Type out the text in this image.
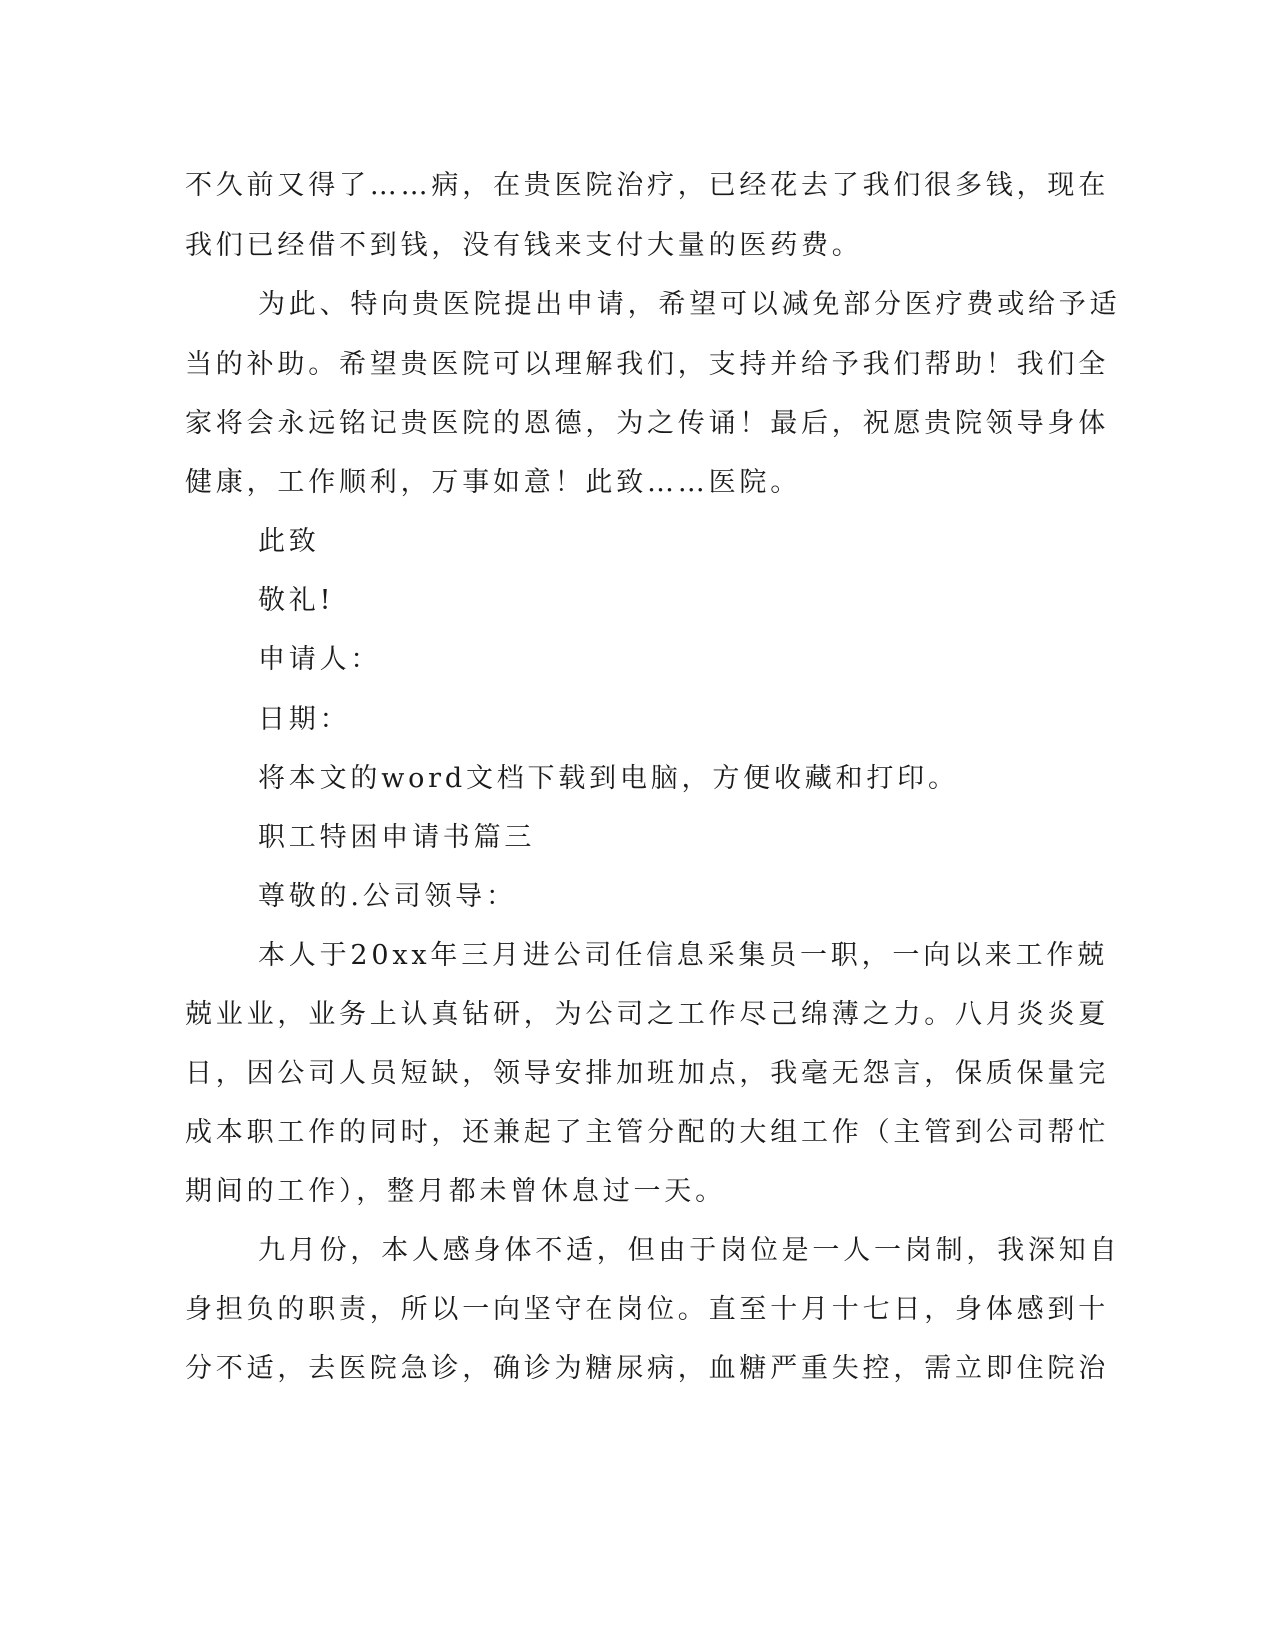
不久前又得了……病，在贵医院治疗，已经花去了我们很多钱，现在

我们已经借不到钱，没有钱来支付大量的医药费。

为此、特向贵医院提出申请，希望可以减免部分医疗费或给予适

当的补助。希望贵医院可以理解我们，支持并给予我们帮助！我们全

家将会永远铭记贵医院的恩德，为之传诵！最后，祝愿贵院领导身体

健康，工作顺利，万事如意！此致……医院。

此致

敬礼!

申请人：

日期：

将本文的word文档下载到电脑，方便收藏和打印。

职工特困申请书篇三

尊敬的.公司领导：

本人于20xx年三月进公司任信息采集员一职，一向以来工作兢

兢业业，业务上认真钻研，为公司之工作尽己绵薄之力。八月炎炎夏

日，因公司人员短缺，领导安排加班加点，我毫无怨言，保质保量完

成本职工作的同时，还兼起了主管分配的大组工作（主管到公司帮忙

期间的工作），整月都未曾休息过一天。

九月份，本人感身体不适，但由于岗位是一人一岗制，我深知自

身担负的职责，所以一向坚守在岗位。直至十月十七日，身体感到十

分不适，去医院急诊，确诊为糖尿病，血糖严重失控，需立即住院治
